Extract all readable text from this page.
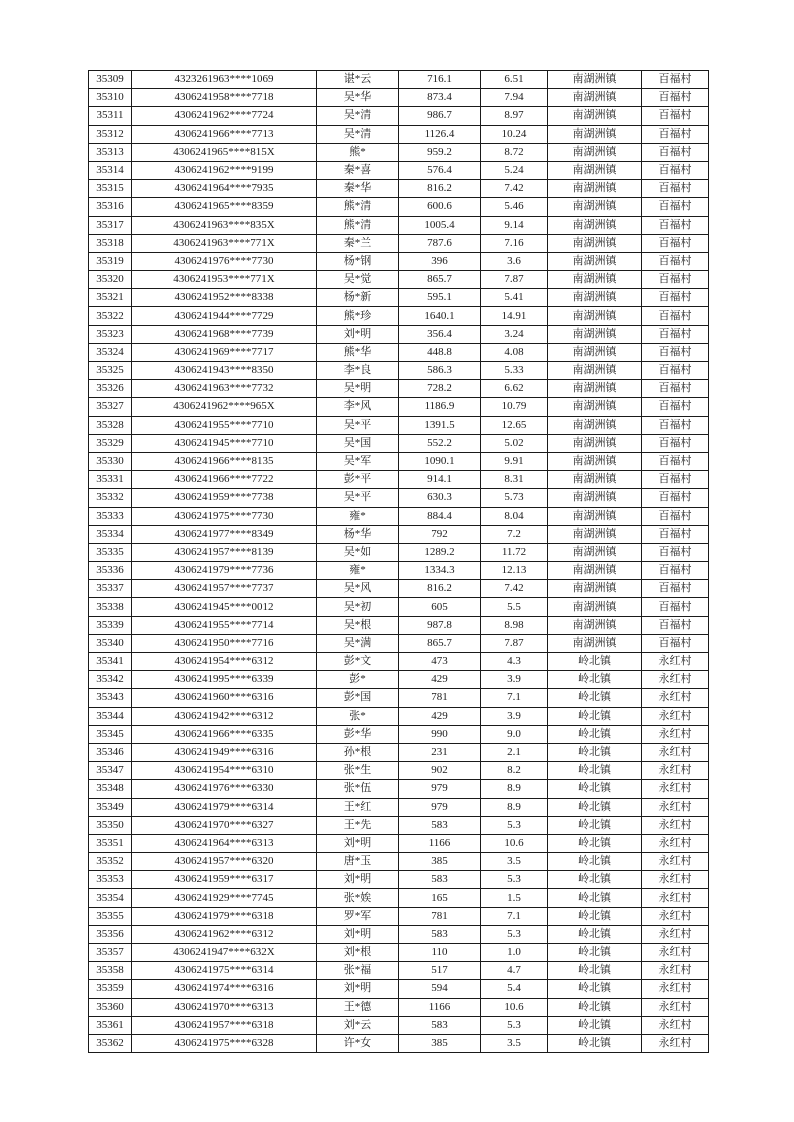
35309	4323261963****1069	谌*云	716.1	6.51	南湖洲镇	百福村
35310	4306241958****7718	吴*华	873.4	7.94	南湖洲镇	百福村
35311	4306241962****7724	吴*清	986.7	8.97	南湖洲镇	百福村
35312	4306241966****7713	吴*清	1126.4	10.24	南湖洲镇	百福村
35313	4306241965****815X	熊*	959.2	8.72	南湖洲镇	百福村
35314	4306241962****9199	秦*喜	576.4	5.24	南湖洲镇	百福村
35315	4306241964****7935	秦*华	816.2	7.42	南湖洲镇	百福村
35316	4306241965****8359	熊*清	600.6	5.46	南湖洲镇	百福村
35317	4306241963****835X	熊*清	1005.4	9.14	南湖洲镇	百福村
35318	4306241963****771X	秦*兰	787.6	7.16	南湖洲镇	百福村
35319	4306241976****7730	杨*钢	396	3.6	南湖洲镇	百福村
35320	4306241953****771X	吴*觉	865.7	7.87	南湖洲镇	百福村
35321	4306241952****8338	杨*新	595.1	5.41	南湖洲镇	百福村
35322	4306241944****7729	熊*珍	1640.1	14.91	南湖洲镇	百福村
35323	4306241968****7739	刘*明	356.4	3.24	南湖洲镇	百福村
35324	4306241969****7717	熊*华	448.8	4.08	南湖洲镇	百福村
35325	4306241943****8350	李*良	586.3	5.33	南湖洲镇	百福村
35326	4306241963****7732	吴*明	728.2	6.62	南湖洲镇	百福村
35327	4306241962****965X	李*风	1186.9	10.79	南湖洲镇	百福村
35328	4306241955****7710	吴*平	1391.5	12.65	南湖洲镇	百福村
35329	4306241945****7710	吴*国	552.2	5.02	南湖洲镇	百福村
35330	4306241966****8135	吴*军	1090.1	9.91	南湖洲镇	百福村
35331	4306241966****7722	彭*平	914.1	8.31	南湖洲镇	百福村
35332	4306241959****7738	吴*平	630.3	5.73	南湖洲镇	百福村
35333	4306241975****7730	雍*	884.4	8.04	南湖洲镇	百福村
35334	4306241977****8349	杨*华	792	7.2	南湖洲镇	百福村
35335	4306241957****8139	吴*如	1289.2	11.72	南湖洲镇	百福村
35336	4306241979****7736	雍*	1334.3	12.13	南湖洲镇	百福村
35337	4306241957****7737	吴*风	816.2	7.42	南湖洲镇	百福村
35338	4306241945****0012	吴*初	605	5.5	南湖洲镇	百福村
35339	4306241955****7714	吴*根	987.8	8.98	南湖洲镇	百福村
35340	4306241950****7716	吴*满	865.7	7.87	南湖洲镇	百福村
35341	4306241954****6312	彭*文	473	4.3	岭北镇	永红村
35342	4306241995****6339	彭*	429	3.9	岭北镇	永红村
35343	4306241960****6316	彭*国	781	7.1	岭北镇	永红村
35344	4306241942****6312	张*	429	3.9	岭北镇	永红村
35345	4306241966****6335	彭*华	990	9.0	岭北镇	永红村
35346	4306241949****6316	孙*根	231	2.1	岭北镇	永红村
35347	4306241954****6310	张*生	902	8.2	岭北镇	永红村
35348	4306241976****6330	张*伍	979	8.9	岭北镇	永红村
35349	4306241979****6314	王*红	979	8.9	岭北镇	永红村
35350	4306241970****6327	王*先	583	5.3	岭北镇	永红村
35351	4306241964****6313	刘*明	1166	10.6	岭北镇	永红村
35352	4306241957****6320	唐*玉	385	3.5	岭北镇	永红村
35353	4306241959****6317	刘*明	583	5.3	岭北镇	永红村
35354	4306241929****7745	张*娭	165	1.5	岭北镇	永红村
35355	4306241979****6318	罗*军	781	7.1	岭北镇	永红村
35356	4306241962****6312	刘*明	583	5.3	岭北镇	永红村
35357	4306241947****632X	刘*根	110	1.0	岭北镇	永红村
35358	4306241975****6314	张*福	517	4.7	岭北镇	永红村
35359	4306241974****6316	刘*明	594	5.4	岭北镇	永红村
35360	4306241970****6313	王*德	1166	10.6	岭北镇	永红村
35361	4306241957****6318	刘*云	583	5.3	岭北镇	永红村
35362	4306241975****6328	许*女	385	3.5	岭北镇	永红村
